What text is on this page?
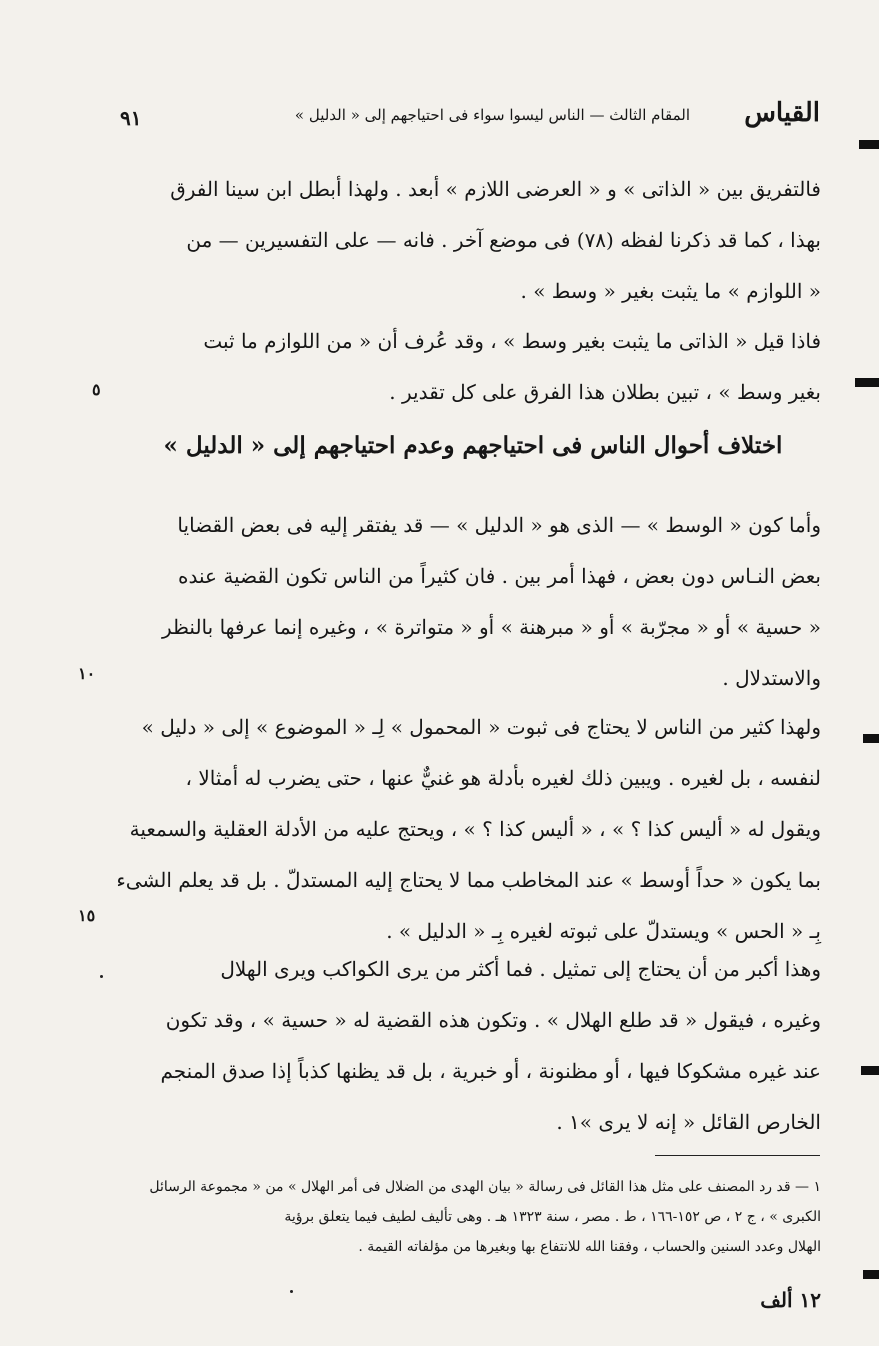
القياس
المقام الثالث — الناس ليسوا سواء فى احتياجهم إلى « الدليل »
٩١
فالتفريق بين « الذاتى » و « العرضى اللازم » أبعد . ولهذا أبطل ابن سينا الفرق
بهذا ، كما قد ذكرنا لفظه (٧٨) فى موضع آخر . فانه — على التفسيرين — من
« اللوازم » ما يثبت بغير « وسط » .
فاذا قيل « الذاتى ما يثبت بغير وسط » ، وقد عُرف أن « من اللوازم ما ثبت
بغير وسط » ، تبين بطلان هذا الفرق على كل تقدير .
اختلاف أحوال الناس فى احتياجهم وعدم احتياجهم إلى « الدليل »
وأما كون « الوسط » — الذى هو « الدليل » — قد يفتقر إليه فى بعض القضايا
بعض النـاس دون بعض ، فهذا أمر بين . فان كثيراً من الناس تكون القضية عنده
« حسية » أو « مجرّبة » أو « مبرهنة » أو « متواترة » ، وغيره إنما عرفها بالنظر
والاستدلال .
ولهذا كثير من الناس لا يحتاج فى ثبوت « المحمول » لِـ « الموضوع » إلى « دليل »
لنفسه ، بل لغيره . ويبين ذلك لغيره بأدلة هو غنيٌّ عنها ، حتى يضرب له أمثالا ،
ويقول له « أليس كذا ؟ » ، « أليس كذا ؟ » ، ويحتج عليه من الأدلة العقلية والسمعية
بما يكون « حداً أوسط » عند المخاطب مما لا يحتاج إليه المستدلّ . بل قد يعلم الشىء
بِـ « الحس » ويستدلّ على ثبوته لغيره بِـ « الدليل » .
وهذا أكبر من أن يحتاج إلى تمثيل . فما أكثر من يرى الكواكب ويرى الهلال
وغيره ، فيقول « قد طلع الهلال » . وتكون هذه القضية له « حسية » ، وقد تكون
عند غيره مشكوكا فيها ، أو مظنونة ، أو خبرية ، بل قد يظنها كذباً إذا صدق المنجم
الخارص القائل « إنه لا يرى »١ .
٥
١٠
١٥
١ — قد رد المصنف على مثل هذا القائل فى رسالة « بيان الهدى من الضلال فى أمر الهلال » من « مجموعة الرسائل
الكبرى » ، ج ٢ ، ص ١٥٢-١٦٦ ، ط . مصر ، سنة ١٣٢٣ هـ . وهى تأليف لطيف فيما يتعلق برؤية
الهلال وعدد السنين والحساب ، وفقنا الله للانتفاع بها وبغيرها من مؤلفاته القيمة .
١٢ ألف
